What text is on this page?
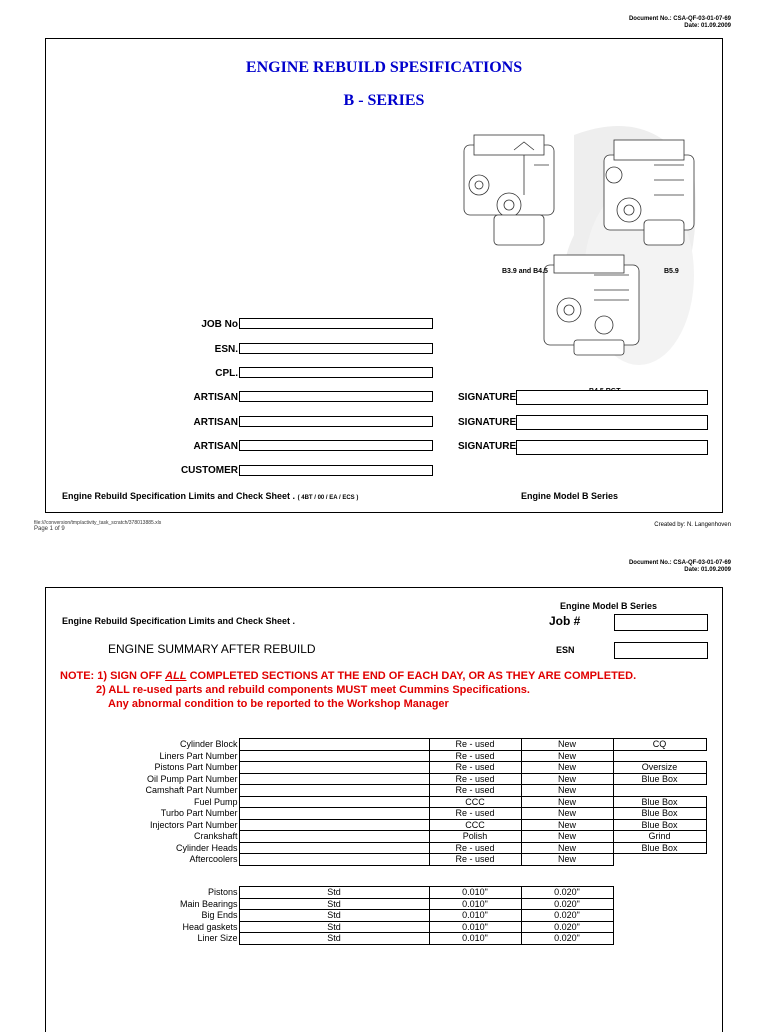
Document No.: CSA-QF-03-01-07-69
Date: 01.09.2009
ENGINE REBUILD SPESIFICATIONS
B - SERIES
B3.9 and B4.5	B5.9
JOB No
ESN.
CPL.
ARTISAN	SIGNATURE
ARTISAN	SIGNATURE
ARTISAN	SIGNATURE
CUSTOMER
Engine Rebuild Specification Limits and Check Sheet . ( 4BT / 00 / EA / ECS )	Engine Model B Series
file:///conversion/tmp/activity_task_scratch/378013885.xls
Page 1 of 9
Created by: N. Langenhoven
Document No.: CSA-QF-03-01-07-69
Date: 01.09.2009
Engine Model B Series
Engine Rebuild Specification Limits and Check Sheet .	Job #
ENGINE SUMMARY AFTER REBUILD	ESN
NOTE: 1) SIGN OFF ALL COMPLETED SECTIONS AT THE END OF EACH DAY, OR AS THEY ARE COMPLETED.
2) ALL re-used parts and rebuild components MUST meet Cummins Specifications.
Any abnormal condition to be reported to the Workshop Manager
Cylinder Block		Re - used	New	CQ
Liners Part Number		Re - used	New	
Pistons Part Number		Re - used	New	Oversize
Oil Pump Part Number		Re - used	New	Blue Box
Camshaft Part Number		Re - used	New	
Fuel Pump		CCC	New	Blue Box
Turbo Part Number		Re - used	New	Blue Box
Injectors Part Number		CCC	New	Blue Box
Crankshaft		Polish	New	Grind
Cylinder Heads		Re - used	New	Blue Box
Aftercoolers		Re - used	New	
Pistons	Std	0.010"	0.020"
Main Bearings	Std	0.010"	0.020"
Big Ends	Std	0.010"	0.020"
Head gaskets	Std	0.010"	0.020"
Liner Size	Std	0.010"	0.020"
